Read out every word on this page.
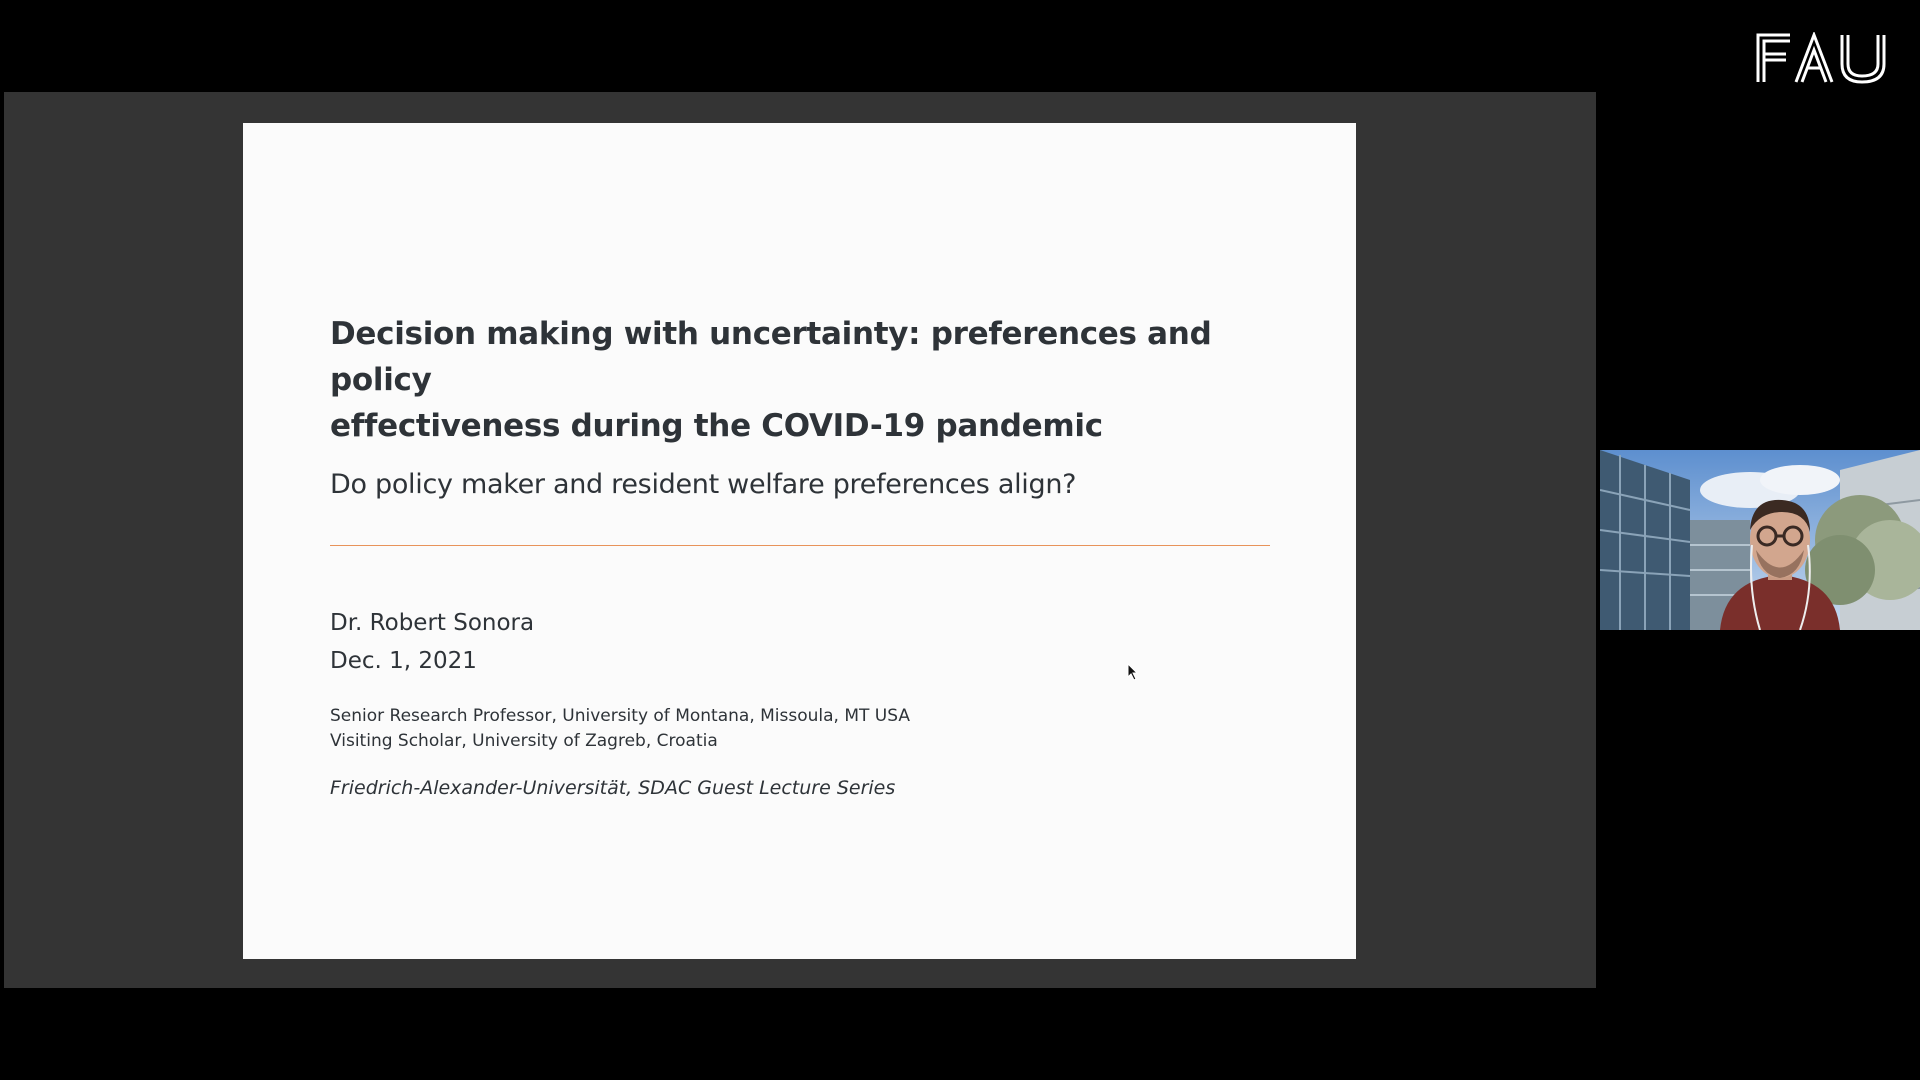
Decision making with uncertainty: preferences and policy
effectiveness during the COVID-19 pandemic

Do policy maker and resident welfare preferences align?

Dr. Robert Sonora
Dec. 1, 2021
Senior Research Professor, University of Montana, Missoula, MT USA
Visiting Scholar, University of Zagreb, Croatia
Friedrich-Alexander-Universität, SDAC Guest Lecture Series
